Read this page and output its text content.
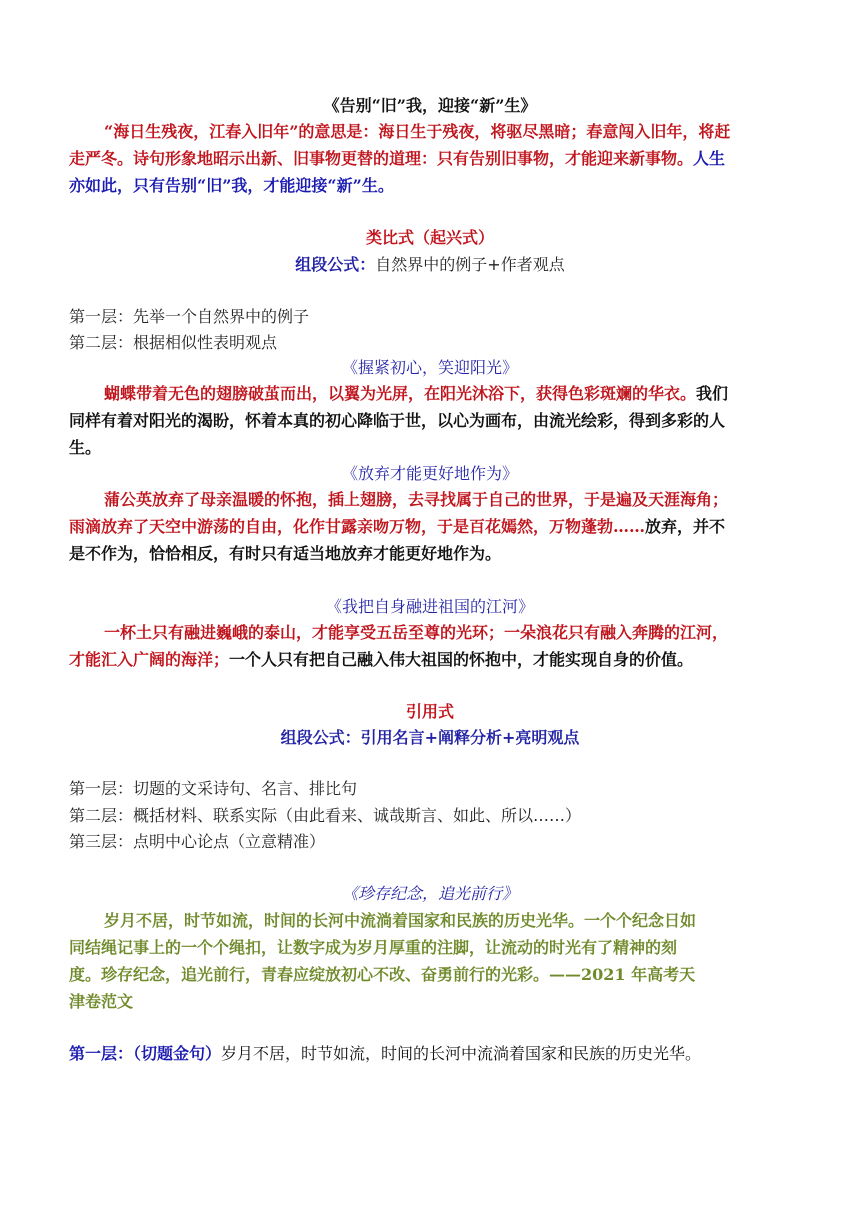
《告别“旧”我，迎接“新”生》
“海日生残夜，江春入旧年”的意思是：海日生于残夜，将驱尽黑暗；春意闯入旧年，将赶
走严冬。诗句形象地昭示出新、旧事物更替的道理：只有告别旧事物，才能迎来新事物。人生
亦如此，只有告别“旧”我，才能迎接“新”生。
类比式（起兴式）
组段公式：自然界中的例子+作者观点
第一层：先举一个自然界中的例子
第二层：根据相似性表明观点
《握紧初心，笑迎阳光》
蝴蝶带着无色的翅膀破茧而出，以翼为光屏，在阳光沐浴下，获得色彩斑斓的华衣。我们
同样有着对阳光的渴盼，怀着本真的初心降临于世，以心为画布，由流光绘彩，得到多彩的人
生。
《放弃才能更好地作为》
蒲公英放弃了母亲温暖的怀抱，插上翅膀，去寻找属于自己的世界，于是遍及天涯海角；
雨滴放弃了天空中游荡的自由，化作甘露亲吻万物，于是百花嫣然，万物蓬勃……放弃，并不
是不作为，恰恰相反，有时只有适当地放弃才能更好地作为。
《我把自身融进祖国的江河》
一杯土只有融进巍峨的泰山，才能享受五岳至尊的光环；一朵浪花只有融入奔腾的江河，
才能汇入广阔的海洋；一个人只有把自己融入伟大祖国的怀抱中，才能实现自身的价值。
引用式
组段公式：引用名言+阐释分析+亮明观点
第一层：切题的文采诗句、名言、排比句
第二层：概括材料、联系实际（由此看来、诚哉斯言、如此、所以……）
第三层：点明中心论点（立意精准）
《珍存纪念，追光前行》
岁月不居，时节如流，时间的长河中流淌着国家和民族的历史光华。一个个纪念日如
同结绳记事上的一个个绳扣，让数字成为岁月厚重的注脚，让流动的时光有了精神的刻
度。珍存纪念，追光前行，青春应绽放初心不改、奋勇前行的光彩。——2021 年高考天
津卷范文
第一层：（切题金句）岁月不居，时节如流，时间的长河中流淌着国家和民族的历史光华。
